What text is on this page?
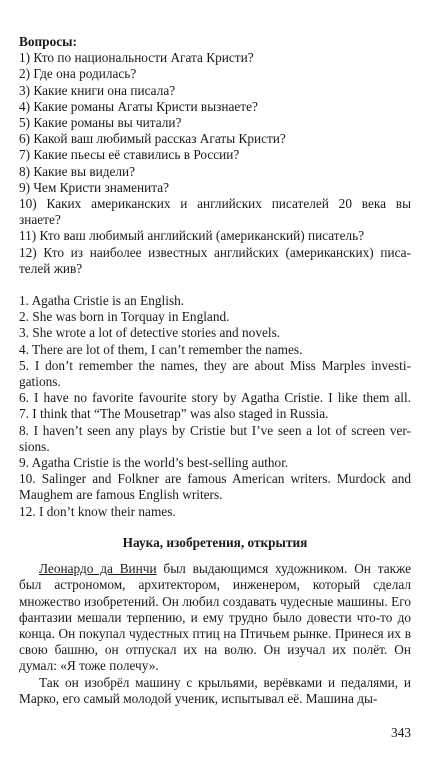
Вопросы:
1) Кто по национальности Агата Кристи?
2) Где она родилась?
3) Какие книги она писала?
4) Какие романы Агаты Кристи вызнаете?
5) Какие романы вы читали?
6) Какой ваш любимый рассказ Агаты Кристи?
7) Какие пьесы её ставились в России?
8) Какие вы видели?
9) Чем Кристи знаменита?
10) Каких американских и английских писателей 20 века вы
знаете?
11) Кто ваш любимый английский (американский) писатель?
12) Кто из наиболее известных английских (американских) писа-
телей жив?
1. Agatha Cristie is an English.
2. She was born in Torquay in England.
3. She wrote a lot of detective stories and novels.
4. There are lot of them, I can’t remember the names.
5. I don’t remember the names, they are about Miss Marples investi-
gations.
6. I have no favorite favourite story by Agatha Cristie. I like them all.
7. I think that “The Mousetrap” was also staged in Russia.
8. I haven’t seen any plays by Cristie but I’ve seen a lot of screen ver-
sions.
9. Agatha Cristie is the world’s best-selling author.
10. Salinger and Folkner are famous American writers. Murdock and
Maughem are famous English writers.
12. I don’t know their names.
Наука, изобретения, открытия
Леонардо да Винчи был выдающимся художником. Он также был астрономом, архитектором, инженером, который сделал множество изобретений. Он любил создавать чудесные машины. Его фантазии мешали терпению, и ему трудно было довести что-то до конца. Он покупал чудестных птиц на Птичьем рынке. Принеся их в свою башню, он отпускал их на волю. Он изучал их полёт. Он думал: «Я тоже полечу».
Так он изобрёл машину с крыльями, верёвками и педалями, и Марко, его самый молодой ученик, испытывал её. Машина ды-
343
